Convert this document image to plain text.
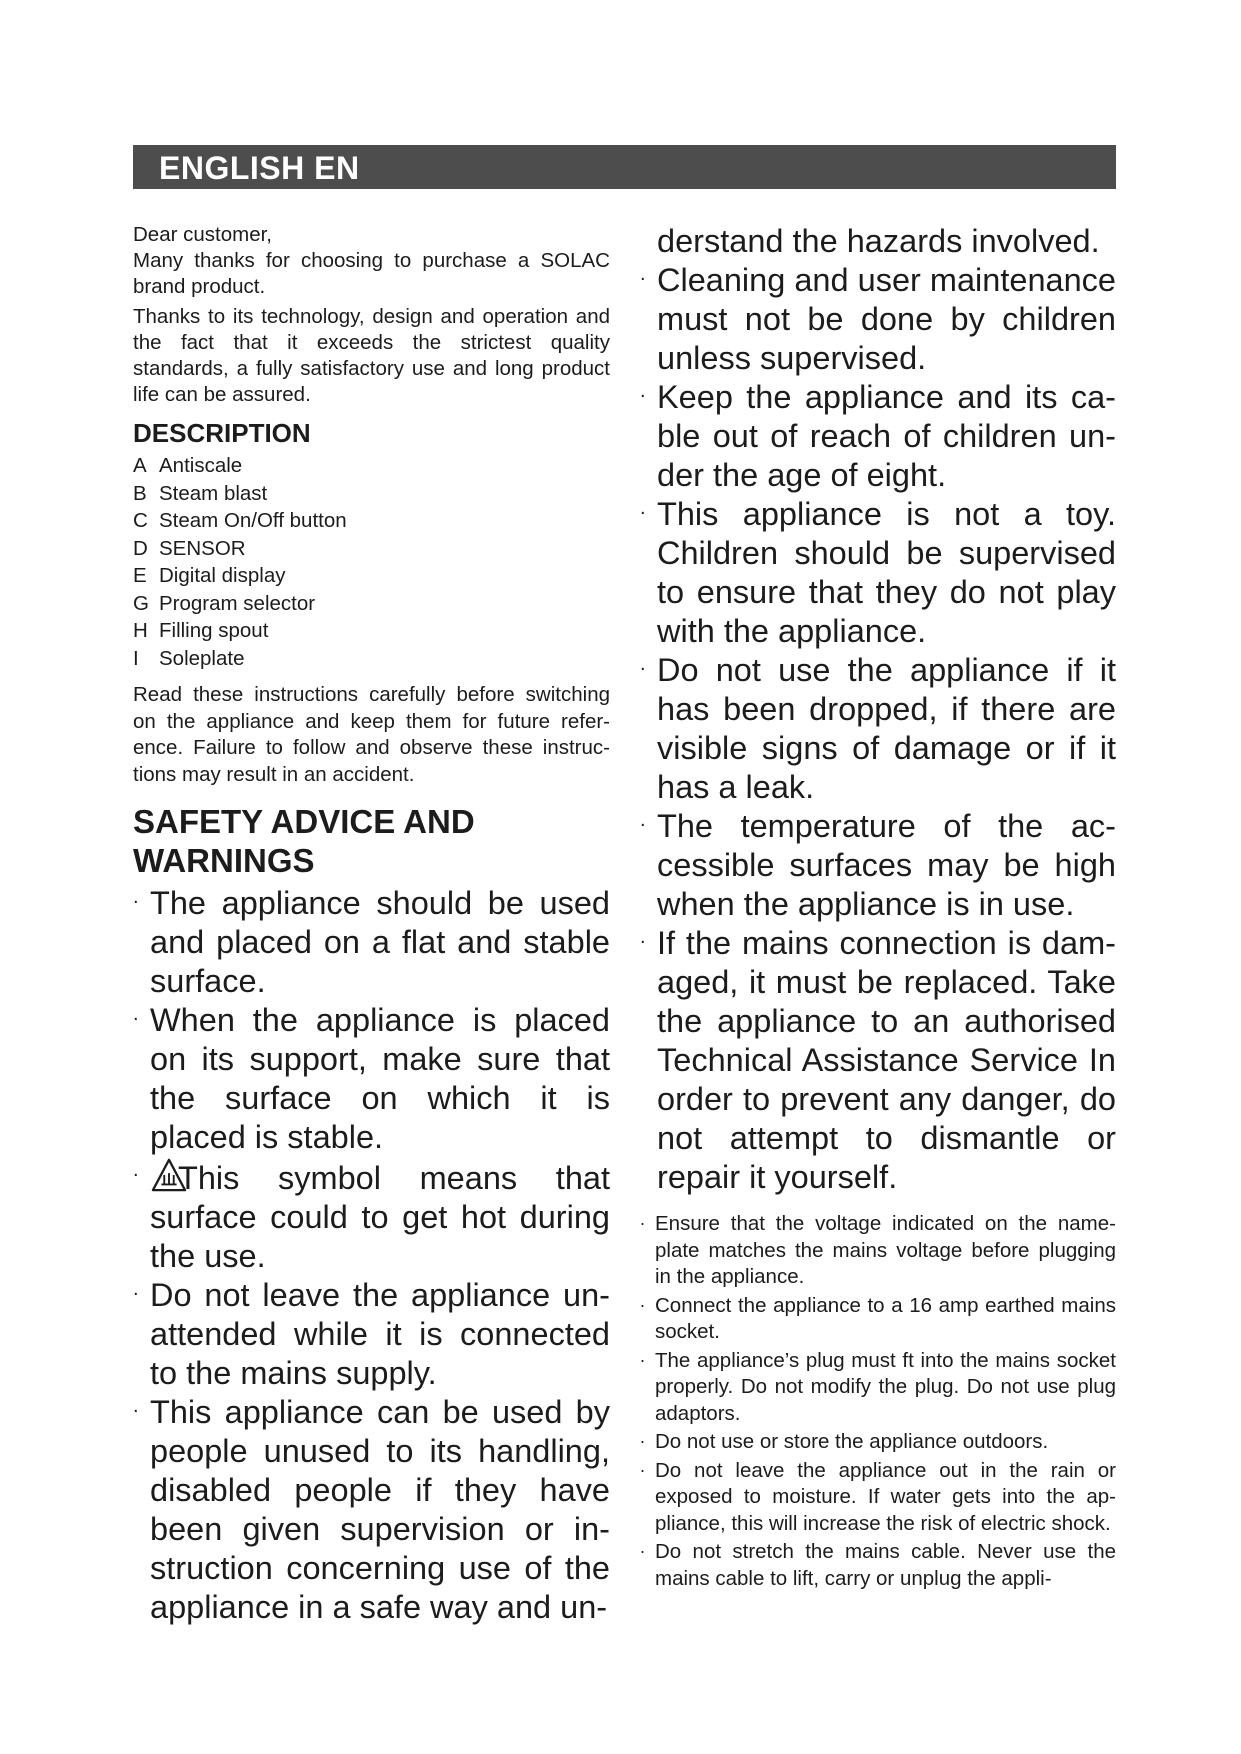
ENGLISH EN

Dear customer,

Many thanks for choosing to purchase a SOLAC brand product.

Thanks to its technology, design and operation and the fact that it exceeds the strictest quality standards, a fully satisfactory use and long product life can be assured.

DESCRIPTION
A Antiscale
B Steam blast
C Steam On/Off button
D SENSOR
E Digital display
G Program selector
H Filling spout
I Soleplate

Read these instructions carefully before switching on the appliance and keep them for future reference. Failure to follow and observe these instructions may result in an accident.

SAFETY ADVICE AND WARNINGS
. The appliance should be used and placed on a flat and stable surface.
. When the appliance is placed on its support, make sure that the surface on which it is placed is stable.
. This symbol means that surface could to get hot during the use.
. Do not leave the appliance unattended while it is connected to the mains supply.
. This appliance can be used by people unused to its handling, disabled people if they have been given supervision or instruction concerning use of the appliance in a safe way and un-
derstand the hazards involved.
. Cleaning and user maintenance must not be done by children unless supervised.
. Keep the appliance and its cable out of reach of children under the age of eight.
. This appliance is not a toy. Children should be supervised to ensure that they do not play with the appliance.
. Do not use the appliance if it has been dropped, if there are visible signs of damage or if it has a leak.
. The temperature of the accessible surfaces may be high when the appliance is in use.
. If the mains connection is damaged, it must be replaced. Take the appliance to an authorised Technical Assistance Service In order to prevent any danger, do not attempt to dismantle or repair it yourself.
. Ensure that the voltage indicated on the nameplate matches the mains voltage before plugging in the appliance.
. Connect the appliance to a 16 amp earthed mains socket.
. The appliance’s plug must ft into the mains socket properly. Do not modify the plug. Do not use plug adaptors.
. Do not use or store the appliance outdoors.
. Do not leave the appliance out in the rain or exposed to moisture. If water gets into the appliance, this will increase the risk of electric shock.
. Do not stretch the mains cable. Never use the mains cable to lift, carry or unplug the appli-
